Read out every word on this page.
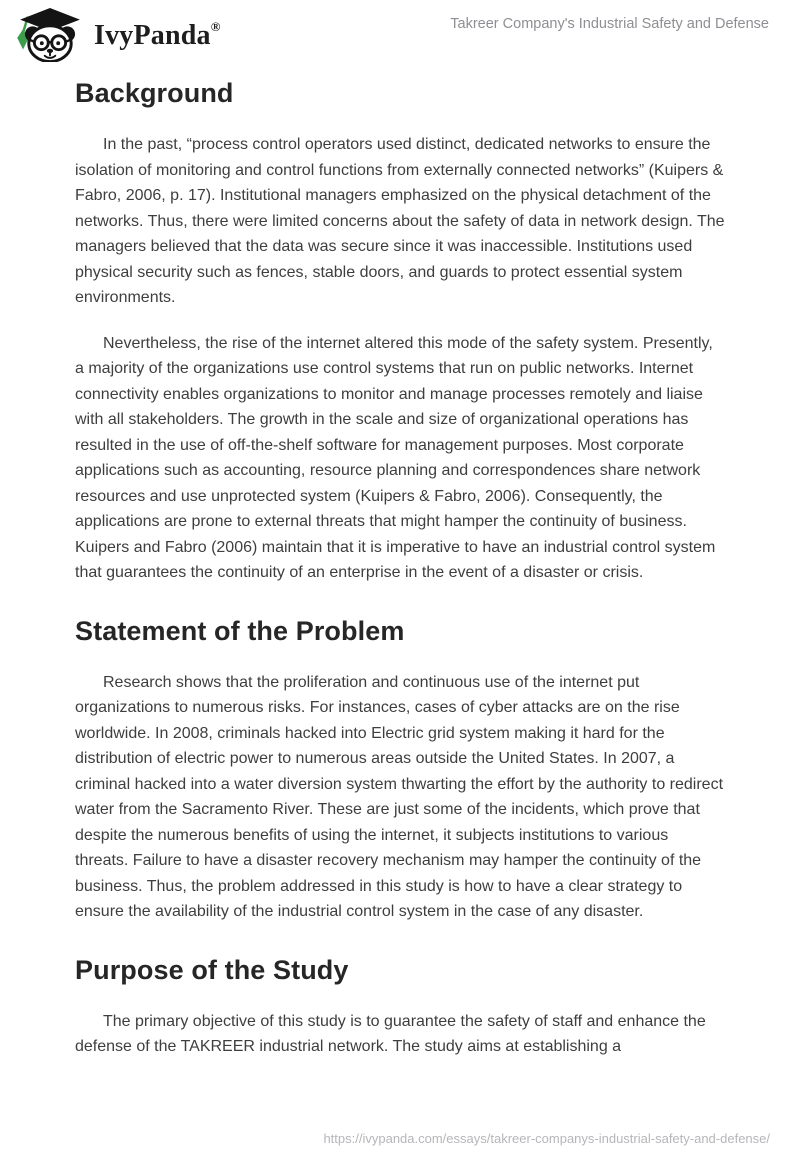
IvyPanda®	Takreer Company's Industrial Safety and Defense
Background

In the past, “process control operators used distinct, dedicated networks to ensure the isolation of monitoring and control functions from externally connected networks” (Kuipers & Fabro, 2006, p. 17). Institutional managers emphasized on the physical detachment of the networks. Thus, there were limited concerns about the safety of data in network design. The managers believed that the data was secure since it was inaccessible. Institutions used physical security such as fences, stable doors, and guards to protect essential system environments.

Nevertheless, the rise of the internet altered this mode of the safety system. Presently, a majority of the organizations use control systems that run on public networks. Internet connectivity enables organizations to monitor and manage processes remotely and liaise with all stakeholders. The growth in the scale and size of organizational operations has resulted in the use of off-the-shelf software for management purposes. Most corporate applications such as accounting, resource planning and correspondences share network resources and use unprotected system (Kuipers & Fabro, 2006). Consequently, the applications are prone to external threats that might hamper the continuity of business. Kuipers and Fabro (2006) maintain that it is imperative to have an industrial control system that guarantees the continuity of an enterprise in the event of a disaster or crisis.

Statement of the Problem

Research shows that the proliferation and continuous use of the internet put organizations to numerous risks. For instances, cases of cyber attacks are on the rise worldwide. In 2008, criminals hacked into Electric grid system making it hard for the distribution of electric power to numerous areas outside the United States. In 2007, a criminal hacked into a water diversion system thwarting the effort by the authority to redirect water from the Sacramento River. These are just some of the incidents, which prove that despite the numerous benefits of using the internet, it subjects institutions to various threats. Failure to have a disaster recovery mechanism may hamper the continuity of the business. Thus, the problem addressed in this study is how to have a clear strategy to ensure the availability of the industrial control system in the case of any disaster.

Purpose of the Study

The primary objective of this study is to guarantee the safety of staff and enhance the defense of the TAKREER industrial network. The study aims at establishing a

https://ivypanda.com/essays/takreer-companys-industrial-safety-and-defense/
